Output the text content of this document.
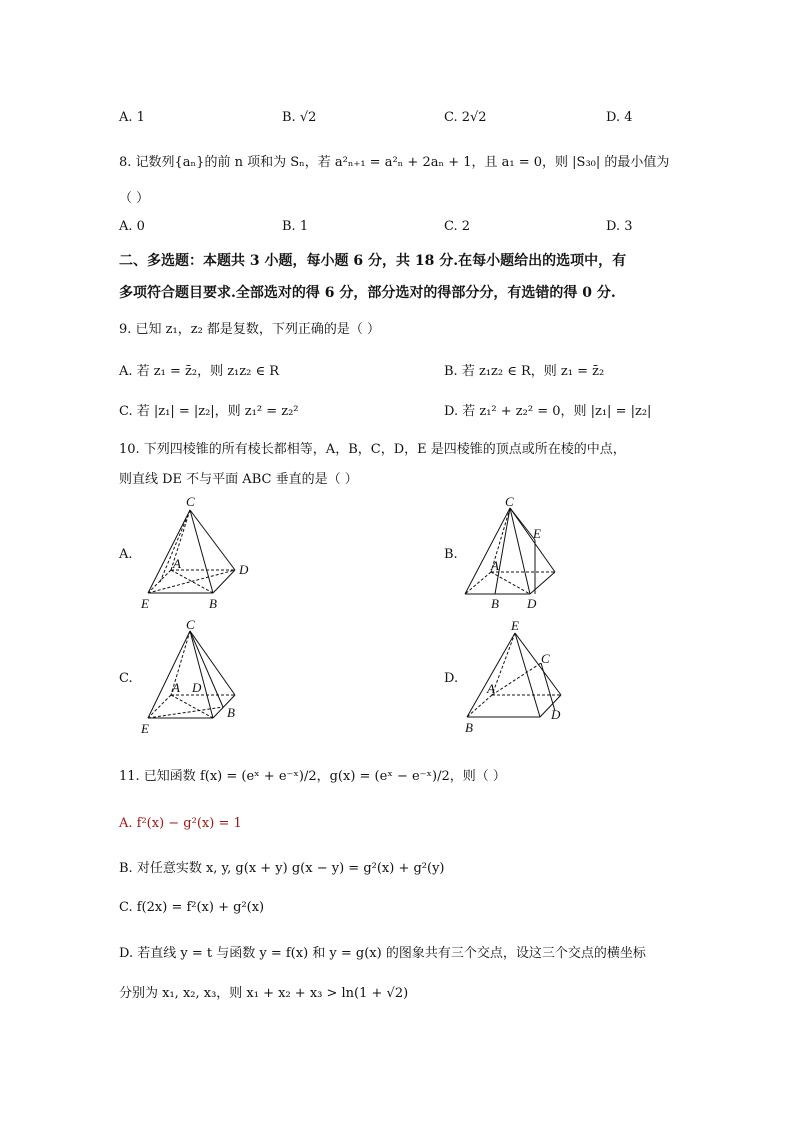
A. 1	B. √2	C. 2√2	D. 4
8. 记数列{aₙ}的前 n 项和为 Sₙ，若 a²ₙ₊₁ = a²ₙ + 2aₙ + 1，且 a₁ = 0，则 |S₃₀| 的最小值为
（ ）
A. 0	B. 1	C. 2	D. 3
二、多选题：本题共 3 小题，每小题 6 分，共 18 分.在每小题给出的选项中，有
多项符合题目要求.全部选对的得 6 分，部分选对的得部分分，有选错的得 0 分.
9. 已知 z₁，z₂ 都是复数，下列正确的是（ ）
A. 若 z₁ = z̄₂，则 z₁z₂ ∈ R	B. 若 z₁z₂ ∈ R，则 z₁ = z̄₂
C. 若 |z₁| = |z₂|，则 z₁² = z₂²	D. 若 z₁² + z₂² = 0，则 |z₁| = |z₂|
10. 下列四棱锥的所有棱长都相等，A，B，C，D，E 是四棱锥的顶点或所在棱的中点，
则直线 DE 不与平面 ABC 垂直的是（ ）
A.	B.
C.	D.
C
A	D
E	B
C
E
A
B D
C
A D
B
E
E
C
A
D
B
11. 已知函数 f(x) = (eˣ + e⁻ˣ)/2，g(x) = (eˣ − e⁻ˣ)/2，则（ ）
A. f²(x) − g²(x) = 1
B. 对任意实数 x, y, g(x + y) g(x − y) = g²(x) + g²(y)
C. f(2x) = f²(x) + g²(x)
D. 若直线 y = t 与函数 y = f(x) 和 y = g(x) 的图象共有三个交点，设这三个交点的横坐标
分别为 x₁, x₂, x₃，则 x₁ + x₂ + x₃ > ln(1 + √2)
